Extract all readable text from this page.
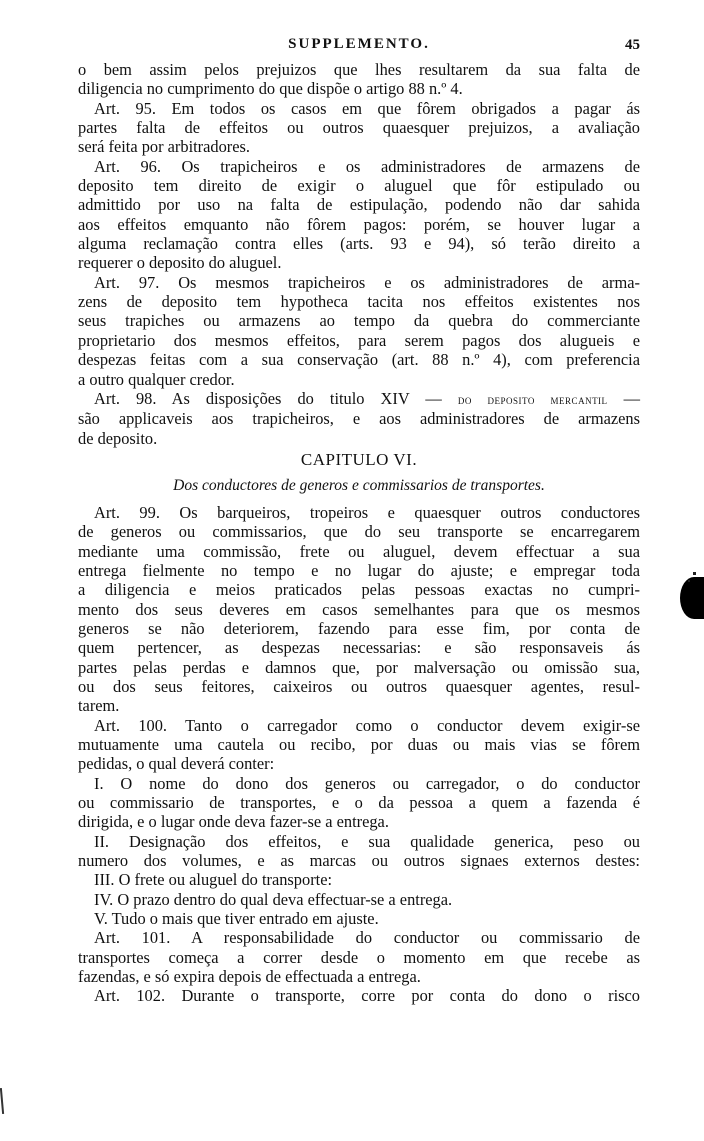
SUPPLEMENTO.	45
o bem assim pelos prejuizos que lhes resultarem da sua falta de
diligencia no cumprimento do que dispõe o artigo 88 n.º 4.
Art. 95. Em todos os casos em que fôrem obrigados a pagar ás
partes falta de effeitos ou outros quaesquer prejuizos, a avaliação
será feita por arbitradores.
Art. 96. Os trapicheiros e os administradores de armazens de
deposito tem direito de exigir o aluguel que fôr estipulado ou
admittido por uso na falta de estipulação, podendo não dar sahida
aos effeitos emquanto não fôrem pagos: porém, se houver lugar a
alguma reclamação contra elles (arts. 93 e 94), só terão direito a
requerer o deposito do aluguel.
Art. 97. Os mesmos trapicheiros e os administradores de arma-
zens de deposito tem hypotheca tacita nos effeitos existentes nos
seus trapiches ou armazens ao tempo da quebra do commerciante
proprietario dos mesmos effeitos, para serem pagos dos alugueis e
despezas feitas com a sua conservação (art. 88 n.º 4), com preferencia
a outro qualquer credor.
Art. 98. As disposições do titulo XIV — do deposito mercantil —
são applicaveis aos trapicheiros, e aos administradores de armazens
de deposito.
CAPITULO VI.
Dos conductores de generos e commissarios de transportes.
Art. 99. Os barqueiros, tropeiros e quaesquer outros conductores
de generos ou commissarios, que do seu transporte se encarregarem
mediante uma commissão, frete ou aluguel, devem effectuar a sua
entrega fielmente no tempo e no lugar do ajuste; e empregar toda
a diligencia e meios praticados pelas pessoas exactas no cumpri-
mento dos seus deveres em casos semelhantes para que os mesmos
generos se não deteriorem, fazendo para esse fim, por conta de
quem pertencer, as despezas necessarias: e são responsaveis ás
partes pelas perdas e damnos que, por malversação ou omissão sua,
ou dos seus feitores, caixeiros ou outros quaesquer agentes, resul-
tarem.
Art. 100. Tanto o carregador como o conductor devem exigir-se
mutuamente uma cautela ou recibo, por duas ou mais vias se fôrem
pedidas, o qual deverá conter:
I. O nome do dono dos generos ou carregador, o do conductor
ou commissario de transportes, e o da pessoa a quem a fazenda é
dirigida, e o lugar onde deva fazer-se a entrega.
II. Designação dos effeitos, e sua qualidade generica, peso ou
numero dos volumes, e as marcas ou outros signaes externos destes:
III. O frete ou aluguel do transporte:
IV. O prazo dentro do qual deva effectuar-se a entrega.
V. Tudo o mais que tiver entrado em ajuste.
Art. 101. A responsabilidade do conductor ou commissario de
transportes começa a correr desde o momento em que recebe as
fazendas, e só expira depois de effectuada a entrega.
Art. 102. Durante o transporte, corre por conta do dono o risco
